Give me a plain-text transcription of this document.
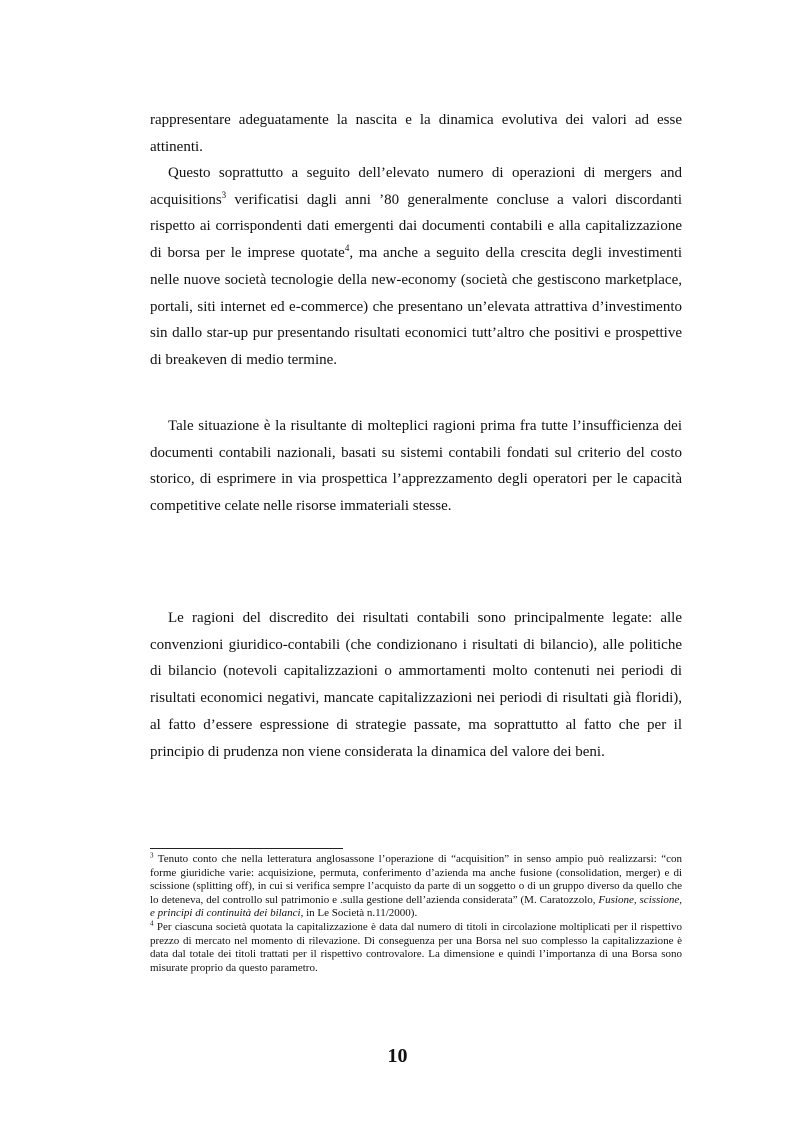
rappresentare adeguatamente la nascita e la dinamica evolutiva dei valori ad esse attinenti.

Questo soprattutto a seguito dell’elevato numero di operazioni di mergers and acquisitions$^3$ verificatisi dagli anni ’80 generalmente concluse a valori discordanti rispetto ai corrispondenti dati emergenti dai documenti contabili e alla capitalizzazione di borsa per le imprese quotate$^4$, ma anche a seguito della crescita degli investimenti nelle nuove società tecnologie della new-economy (società che gestiscono marketplace, portali, siti internet ed e-commerce) che presentano un’elevata attrattiva d’investimento sin dallo star-up pur presentando risultati economici tutt’altro che positivi e prospettive di breakeven di medio termine.

Tale situazione è la risultante di molteplici ragioni prima fra tutte l’insufficienza dei documenti contabili nazionali, basati su sistemi contabili fondati sul criterio del costo storico, di esprimere in via prospettica l’apprezzamento degli operatori per le capacità competitive celate nelle risorse immateriali stesse.

Le ragioni del discredito dei risultati contabili sono principalmente legate: alle convenzioni giuridico-contabili (che condizionano i risultati di bilancio), alle politiche di bilancio (notevoli capitalizzazioni o ammortamenti molto contenuti nei periodi di risultati economici negativi, mancate capitalizzazioni nei periodi di risultati già floridi), al fatto d’essere espressione di strategie passate, ma soprattutto al fatto che per il principio di prudenza non viene considerata la dinamica del valore dei beni.

$^3$ Tenuto conto che nella letteratura anglosassone l’operazione di “acquisition” in senso ampio può realizzarsi: “con forme giuridiche varie: acquisizione, permuta, conferimento d’azienda ma anche fusione (consolidation, merger) e di scissione (splitting off), in cui si verifica sempre l’acquisto da parte di un soggetto o di un gruppo diverso da quello che lo deteneva, del controllo sul patrimonio e .sulla gestione dell’azienda considerata” (M. Caratozzolo, Fusione, scissione, e principi di continuità dei bilanci, in Le Società n.11/2000).

$^4$ Per ciascuna società quotata la capitalizzazione è data dal numero di titoli in circolazione moltiplicati per il rispettivo prezzo di mercato nel momento di rilevazione. Di conseguenza per una Borsa nel suo complesso la capitalizzazione è data dal totale dei titoli trattati per il rispettivo controvalore. La dimensione e quindi l’importanza di una Borsa sono misurate proprio da questo parametro.

10
